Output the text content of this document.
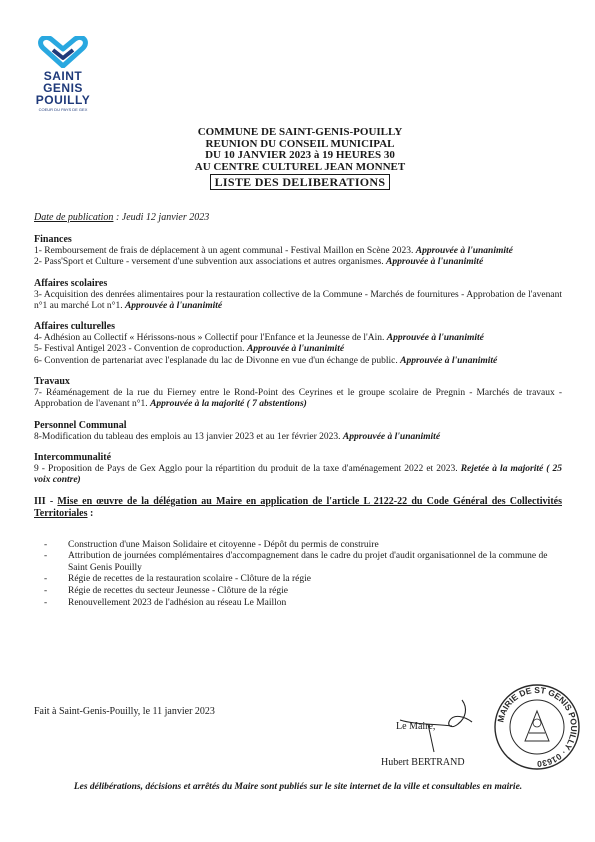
SAINT
GENIS
POUILLY
COEUR DU PAYS DE GEX
COMMUNE DE SAINT-GENIS-POUILLY
REUNION DU CONSEIL MUNICIPAL
DU 10 JANVIER 2023 à 19 HEURES 30
AU CENTRE CULTUREL JEAN MONNET
LISTE DES DELIBERATIONS
Date de publication : Jeudi 12 janvier 2023
Finances
1- Remboursement de frais de déplacement à un agent communal - Festival Maillon en Scène 2023. Approuvée à l'unanimité
2- Pass'Sport et Culture - versement d'une subvention aux associations et autres organismes. Approuvée à l'unanimité
Affaires scolaires
3- Acquisition des denrées alimentaires pour la restauration collective de la Commune - Marchés de fournitures - Approbation de l'avenant n°1 au marché Lot n°1. Approuvée à l'unanimité
Affaires culturelles
4- Adhésion au Collectif « Hérissons-nous » Collectif pour l'Enfance et la Jeunesse de l'Ain. Approuvée à l'unanimité
5- Festival Antigel 2023 - Convention de coproduction. Approuvée à l'unanimité
6- Convention de partenariat avec l'esplanade du lac de Divonne en vue d'un échange de public. Approuvée à l'unanimité
Travaux
7- Réaménagement de la rue du Fierney entre le Rond-Point des Ceyrines et le groupe scolaire de Pregnin - Marchés de travaux - Approbation de l'avenant n°1. Approuvée à la majorité ( 7 abstentions)
Personnel Communal
8-Modification du tableau des emplois au 13 janvier 2023 et au 1er février 2023. Approuvée à l'unanimité
Intercommunalité
9 - Proposition de Pays de Gex Agglo pour la répartition du produit de la taxe d'aménagement 2022 et 2023. Rejetée à la majorité ( 25 voix contre)
III - Mise en œuvre de la délégation au Maire en application de l'article L 2122-22 du Code Général des Collectivités Territoriales :
- Construction d'une Maison Solidaire et citoyenne - Dépôt du permis de construire
- Attribution de journées complémentaires d'accompagnement dans le cadre du projet d'audit organisationnel de la commune de Saint Genis Pouilly
- Régie de recettes de la restauration scolaire - Clôture de la régie
- Régie de recettes du secteur Jeunesse - Clôture de la régie
- Renouvellement 2023 de l'adhésion au réseau Le Maillon
Fait à Saint-Genis-Pouilly, le 11 janvier 2023
Le Maire,
Hubert BERTRAND
MAIRIE DE ST GENIS POUILLY · 01630
Les délibérations, décisions et arrêtés du Maire sont publiés sur le site internet de la ville et consultables en mairie.
